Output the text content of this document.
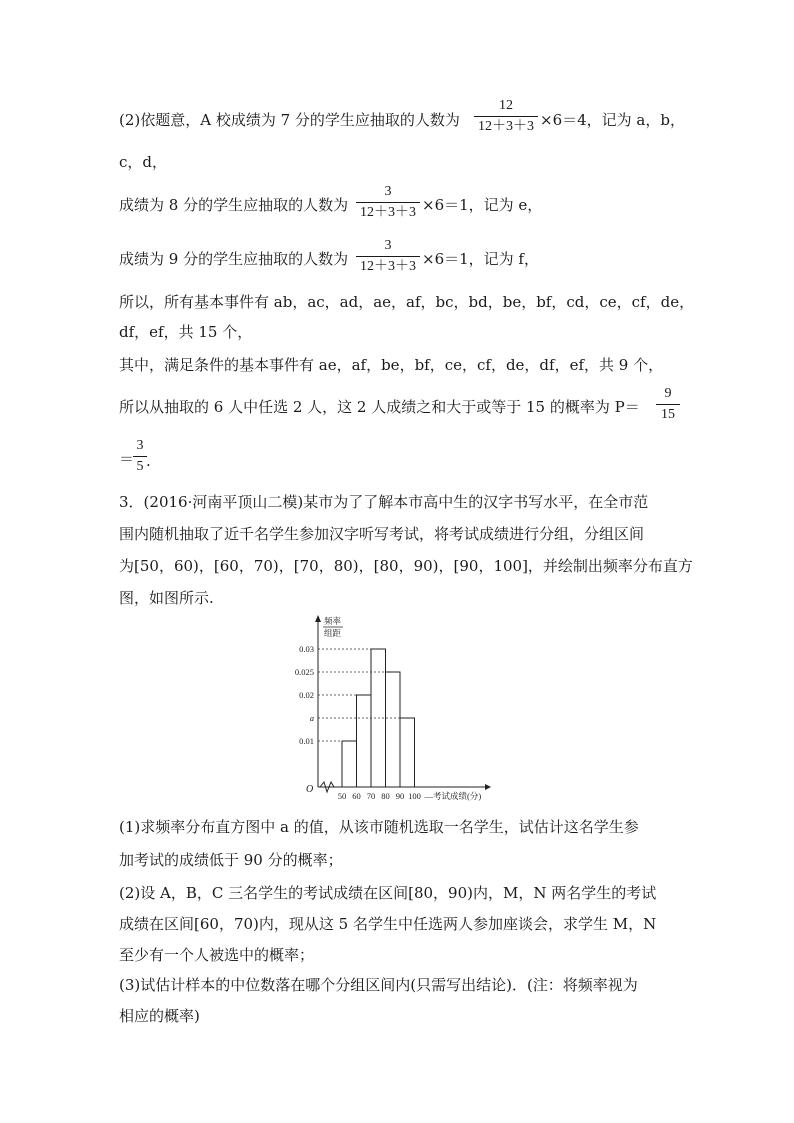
(2)依题意，A 校成绩为 7 分的学生应抽取的人数为
12
12＋3＋3 ×6＝4，记为 a，b，
c，d，
成绩为 8 分的学生应抽取的人数为
3
12＋3＋3 ×6＝1，记为 e，
成绩为 9 分的学生应抽取的人数为
3
12＋3＋3 ×6＝1，记为 f，
所以，所有基本事件有 ab，ac，ad，ae，af，bc，bd，be，bf，cd，ce，cf，de，
df，ef，共 15 个，
其中，满足条件的基本事件有 ae，af，be，bf，ce，cf，de，df，ef，共 9 个，
所以从抽取的 6 人中任选 2 人，这 2 人成绩之和大于或等于 15 的概率为 P＝
9
15
＝
3
5 .
3．(2016·河南平顶山二模)某市为了了解本市高中生的汉字书写水平，在全市范
围内随机抽取了近千名学生参加汉字听写考试，将考试成绩进行分组，分组区间
为[50，60)，[60，70)，[70，80)，[80，90)，[90，100]，并绘制出频率分布直方
图，如图所示.
0.03
0.025
0.02
a
0.01
50 60 70 80 90 100
O
频率
组距
—考试成绩(分)
(1)求频率分布直方图中 a 的值，从该市随机选取一名学生，试估计这名学生参
加考试的成绩低于 90 分的概率；
(2)设 A，B，C 三名学生的考试成绩在区间[80，90)内，M，N 两名学生的考试
成绩在区间[60，70)内，现从这 5 名学生中任选两人参加座谈会，求学生 M，N
至少有一个人被选中的概率；
(3)试估计样本的中位数落在哪个分组区间内(只需写出结论)．(注：将频率视为
相应的概率)
